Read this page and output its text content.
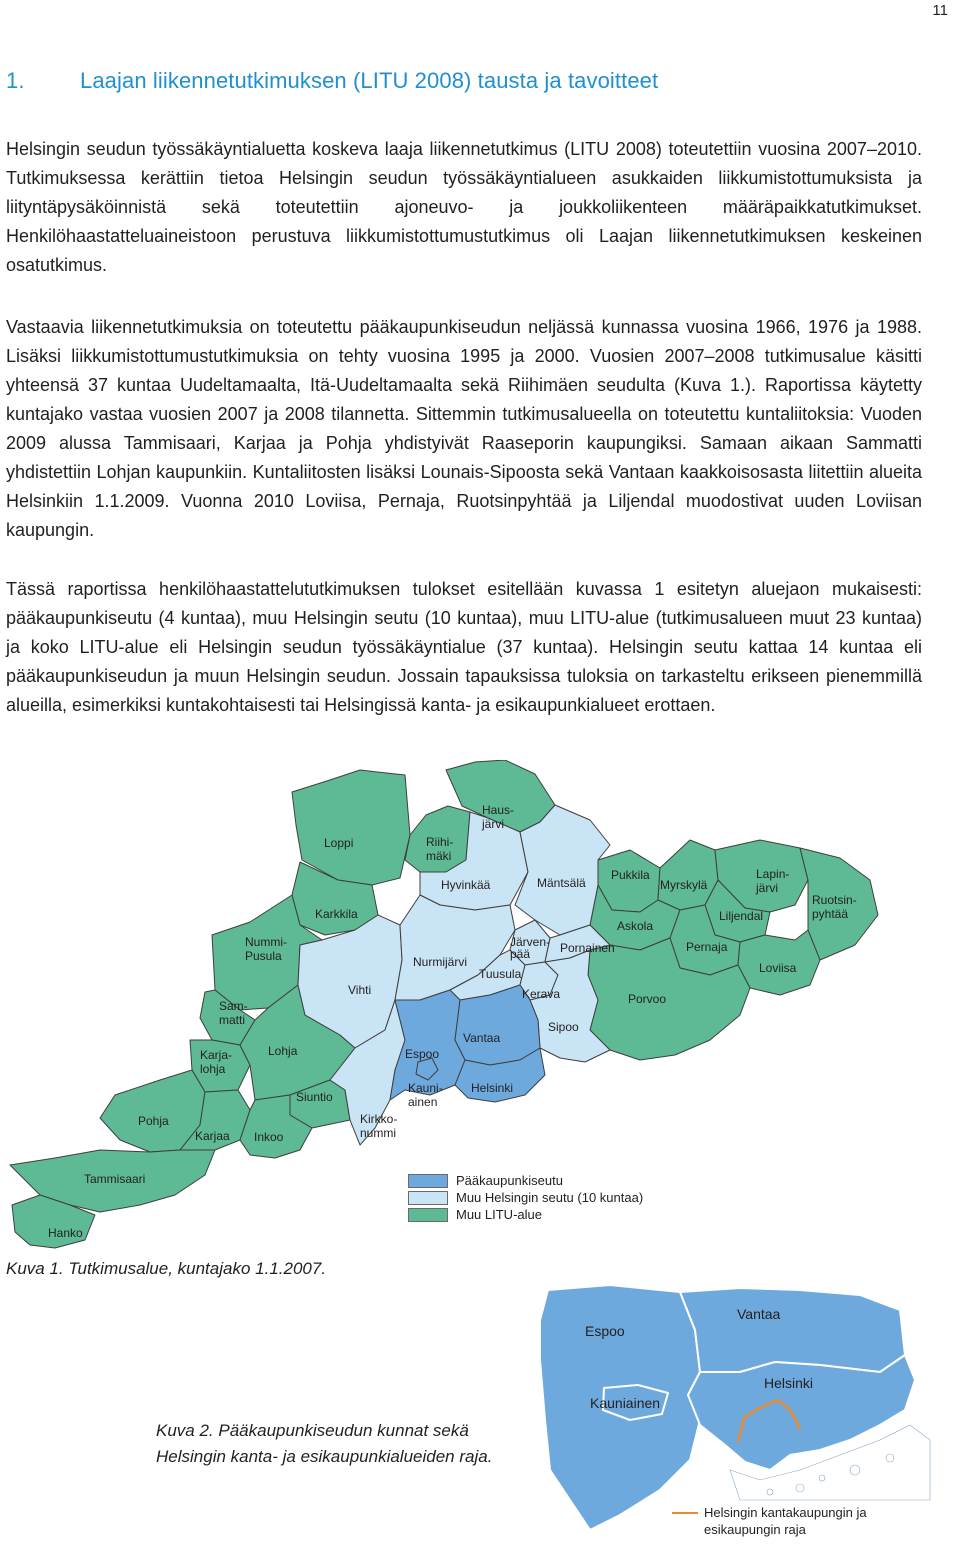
11
1.	Laajan liikennetutkimuksen (LITU 2008) tausta ja tavoitteet

Helsingin seudun työssäkäyntialuetta koskeva laaja liikennetutkimus (LITU 2008) toteutettiin vuosina 2007–2010. Tutkimuksessa kerättiin tietoa Helsingin seudun työssäkäyntialueen asukkaiden liikkumistottumuksista ja liityntäpysäköinnistä sekä toteutettiin ajoneuvo- ja joukkoliikenteen määräpaikkatutkimukset. Henkilöhaastatteluaineistoon perustuva liikkumistottumustutkimus oli Laajan liikennetutkimuksen keskeinen osatutkimus.

Vastaavia liikennetutkimuksia on toteutettu pääkaupunkiseudun neljässä kunnassa vuosina 1966, 1976 ja 1988. Lisäksi liikkumistottumustutkimuksia on tehty vuosina 1995 ja 2000. Vuosien 2007–2008 tutkimusalue käsitti yhteensä 37 kuntaa Uudeltamaalta, Itä-Uudeltamaalta sekä Riihimäen seudulta (Kuva 1.). Raportissa käytetty kuntajako vastaa vuosien 2007 ja 2008 tilannetta. Sittemmin tutkimusalueella on toteutettu kuntaliitoksia: Vuoden 2009 alussa Tammisaari, Karjaa ja Pohja yhdistyivät Raaseporin kaupungiksi. Samaan aikaan Sammatti yhdistettiin Lohjan kaupunkiin. Kuntaliitosten lisäksi Lounais-Sipoosta sekä Vantaan kaakkoisosasta liitettiin alueita Helsinkiin 1.1.2009. Vuonna 2010 Loviisa, Pernaja, Ruotsinpyhtää ja Liljendal muodostivat uuden Loviisan kaupungin.

Tässä raportissa henkilöhaastattelututkimuksen tulokset esitellään kuvassa 1 esitetyn aluejaon mukaisesti: pääkaupunkiseutu (4 kuntaa), muu Helsingin seutu (10 kuntaa), muu LITU-alue (tutkimusalueen muut 23 kuntaa) ja koko LITU-alue eli Helsingin seudun työssäkäyntialue (37 kuntaa). Helsingin seutu kattaa 14 kuntaa eli pääkaupunkiseudun ja muun Helsingin seudun. Jossain tapauksissa tuloksia on tarkasteltu erikseen pienemmillä alueilla, esimerkiksi kuntakohtaisesti tai Helsingissä kanta- ja esikaupunkialueet erottaen.

Haus-järvi
Riihi-mäki
Loppi
Hyvinkää	Mäntsälä
Pukkila
Myrskylä
Lapin-järvi
Ruotsin-pyhtää
Liljendal
Askola
Karkkila
Nummi-Pusula
Järven-pää	Pornainen	Pernaja
Nurmijärvi
Tuusula	Loviisa
Vihti	Kerava	Porvoo
Sam-matti	Sipoo
Vantaa
Lohja
Karja-lohja
Espoo
Kauni-ainen
Helsinki
Siuntio
Pohja	Kirkko-nummi
Karjaa Inkoo
Tammisaari
Hanko
Pääkaupunkiseutu
Muu Helsingin seutu (10 kuntaa)
Muu LITU-alue

Kuva 1. Tutkimusalue, kuntajako 1.1.2007.

Espoo
Vantaa
Kauniainen
Helsinki

Kuva 2. Pääkaupunkiseudun kunnat sekä
Helsingin kanta- ja esikaupunkialueiden raja.

Helsingin kantakaupungin ja
esikaupungin raja
